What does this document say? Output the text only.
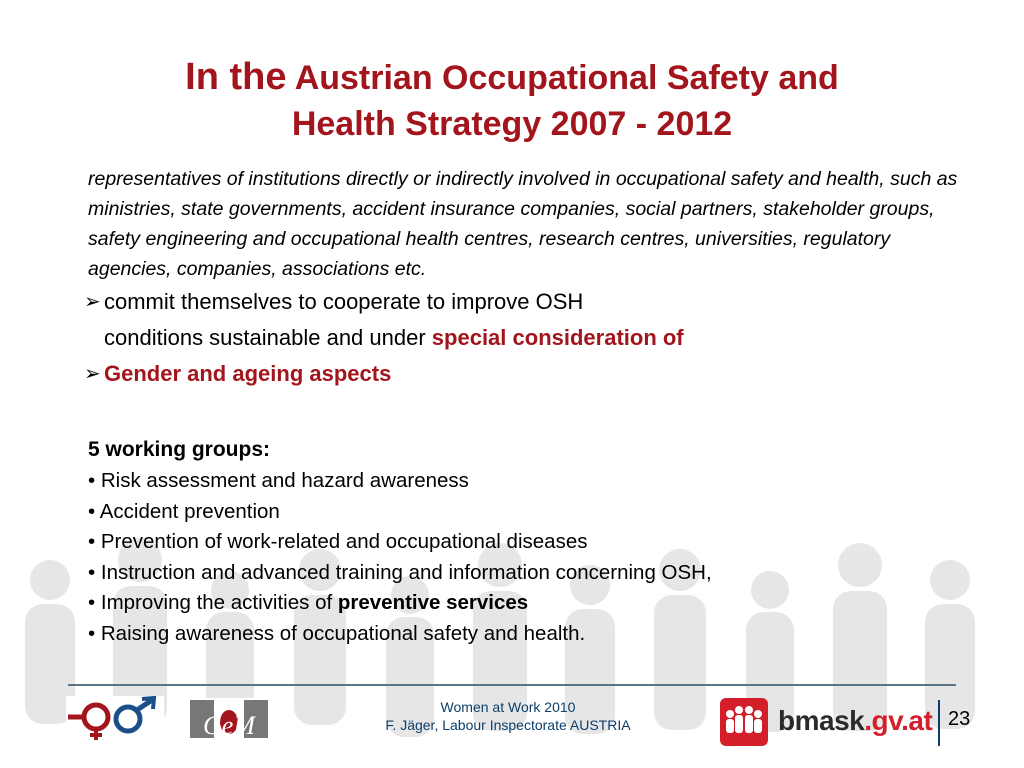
In the Austrian Occupational Safety and
Health Strategy 2007 - 2012

representatives of institutions directly or indirectly involved in occupational safety and health, such as ministries, state governments, accident insurance companies, social partners, stakeholder groups, safety engineering and occupational health centres, research centres, universities, regulatory agencies, companies, associations etc.

➢ commit themselves to cooperate to improve OSH
conditions sustainable and under special consideration of
➢ Gender and ageing aspects
5 working groups:
• Risk assessment and hazard awareness
• Accident prevention
• Prevention of work-related and occupational diseases
• Instruction and advanced training and information concerning OSH,
• Improving the activities of preventive services
• Raising awareness of occupational safety and health.
GeM
Women at Work 2010
F. Jäger, Labour Inspectorate AUSTRIA	bmask.gv.at 23
